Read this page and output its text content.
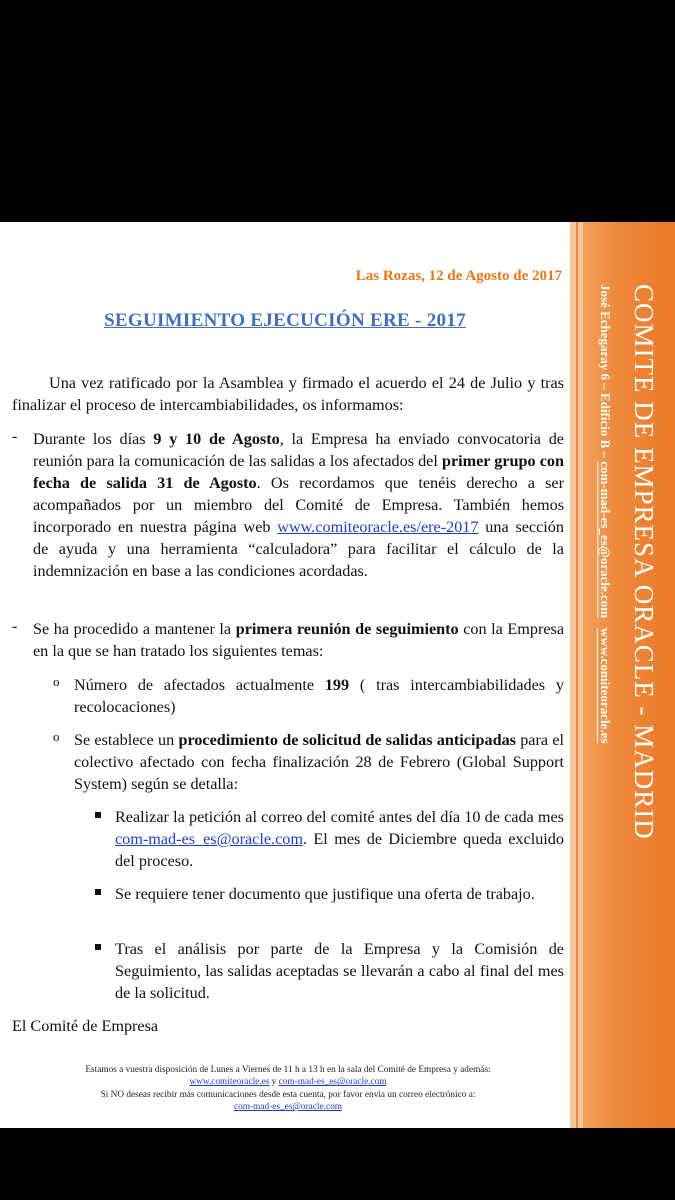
Las Rozas, 12 de Agosto de 2017
SEGUIMIENTO EJECUCIÓN ERE - 2017

Una vez ratificado por la Asamblea y firmado el acuerdo el 24 de Julio y tras finalizar el proceso de intercambiabilidades, os informamos:

- Durante los días 9 y 10 de Agosto, la Empresa ha enviado convocatoria de reunión para la comunicación de las salidas a los afectados del primer grupo con fecha de salida 31 de Agosto. Os recordamos que tenéis derecho a ser acompañados por un miembro del Comité de Empresa. También hemos incorporado en nuestra página web www.comiteoracle.es/ere-2017 una sección de ayuda y una herramienta “calculadora” para facilitar el cálculo de la indemnización en base a las condiciones acordadas.

- Se ha procedido a mantener la primera reunión de seguimiento con la Empresa en la que se han tratado los siguientes temas:

o Número de afectados actualmente 199 ( tras intercambiabilidades y recolocaciones)

o Se establece un procedimiento de solicitud de salidas anticipadas para el colectivo afectado con fecha finalización 28 de Febrero (Global Support System) según se detalla:

Realizar la petición al correo del comité antes del día 10 de cada mes com-mad-es_es@oracle.com. El mes de Diciembre queda excluido del proceso.

Se requiere tener documento que justifique una oferta de trabajo.

Tras el análisis por parte de la Empresa y la Comisión de Seguimiento, las salidas aceptadas se llevarán a cabo al final del mes de la solicitud.

El Comité de Empresa
Estamos a vuestra disposición de Lunes a Viernes de 11 h a 13 h en la sala del Comité de Empresa y además:
www.comiteoracle.es y com-mad-es_es@oracle.com
Si NO deseas recibir más comunicaciones desde esta cuenta, por favor envia un correo electrónico a:
com-mad-es_es@oracle.com
COMITE DE EMPRESA ORACLE - MADRID
José Echegaray 6 – Edificio B – com-mad-es_es@oracle.com   www.comiteoracle.es
